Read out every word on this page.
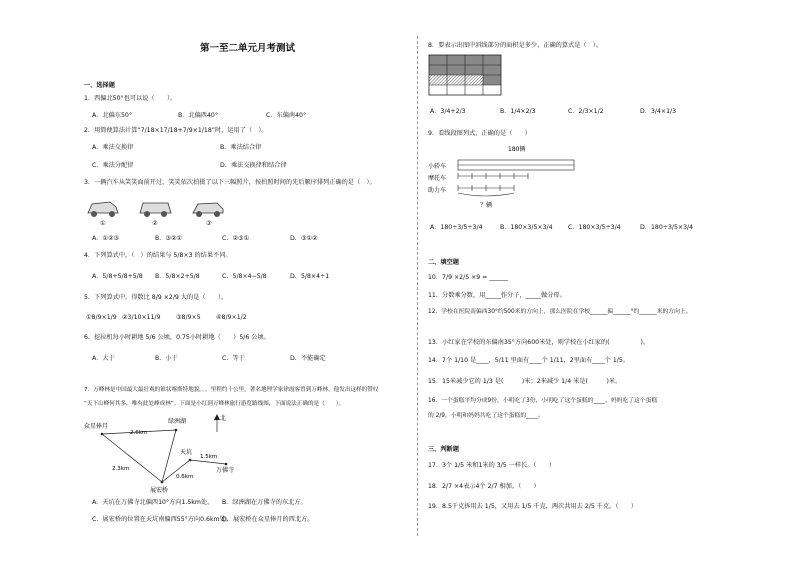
第一至二单元月考测试
一、选择题
1．西偏北50°也可以说（　　）。
A．北偏东50°	B．北偏西40°	C．东偏南40°
2．用简便算法计算“7/18×17/18+7/9×1/18”时，运用了（　）。
A．乘法交换律	B．乘法结合律
C．乘法分配律	D．乘法交换律和结合律
3．一辆汽车从笑笑面前开过，笑笑依次拍摄了以下三幅照片，按拍照时间的先后顺序排列正确的是（　）。
①	②	③
A．①②③	B．③②①	C．②③①	D．③①②
4．下列算式中，（　）的结果与 5/8×3 的结果不同。
A．5/8+5/8+5/8 B．5/8×2+5/8	C．5/8×4−5/8	D．5/8×4÷1
5．下列算式中，得数比 8/9 ×2/9 大的是（　　）。
①8/9×1/9 ②3/10×11/9 ③8/9×5 ④8/9×1/2
6．挖拉机每小时耕地 5/6 公顷，0.75小时耕地（　　）5/6 公顷。
A．大于	B．小于	C．等于	D．不能确定
7．万峰林是中国最大最壮观的锥状喀斯特地貌。。。里程约十公里，著名地理学家徐霞客曾到万峰林，他发出这样的赞叹
“天下山峰何其多，唯有此处峰成林”。下面是小红到万峰林旅行游览路线图，下面说法正确的是（　　）。
众星捧月
绿洲湖
天坑
万佛寺
展宏桥
2.6km
2.3km
1.5km
0.6km
北
A．天坑在万佛寺北偏西10°方向1.5km处。 B．绿洲湖在万佛寺的东北方。
C．展宏桥的位置在天坑南偏西55°方向0.6km处。
D．展宏桥在众星捧月的西北方。
8．要表示出图中斜线部分的面积是多少，正确的算式是（　）。
A．3/4+2/3	B．1/4×2/3	C．2/3×1/2	D．3/4×1/3
9．看线段图列式，正确的是（　　）
180辆
小轿车
摩托车
助力车
？辆
A．180÷3/5÷3/4	B．180×3/5×3/4 C．180×3/5÷3/4	D．180÷3/5×3/4
二、填空题
10．7/9 ×2/5 ×9 = ______
11．分数乘分数，用_____作分子，_____做分母。
12．学校在医院南偏西30°约500米的方向上，那么医院在学校______偏______°约______米的方向上。
13．小红家在学校的东偏南35°方向600米处，则学校在小红家的(　　　　　)。
14．7个 1/10 是____，5/11 里面有____个 1/11，2里面有____个 1/5。
15．15米减少它的 1/3 是(　　　)米；2米减少 1/4 米是(　　　)米。
16．一个蛋糕平均分成9份，小明吃了3份，小明吃了这个蛋糕的____，妈妈吃了这个蛋糕
的 2/9，小明和妈妈共吃了这个蛋糕的____。
三、判断题
17．3个 1/5 米和1米的 3/5 一样长。（　　）
18．2/7 ×4表示4个 2/7 相加。（　　）
19．8.5千克拆用去 1/5，又用去 1/5 千克，两次共用去 2/5 千克。（　　）
